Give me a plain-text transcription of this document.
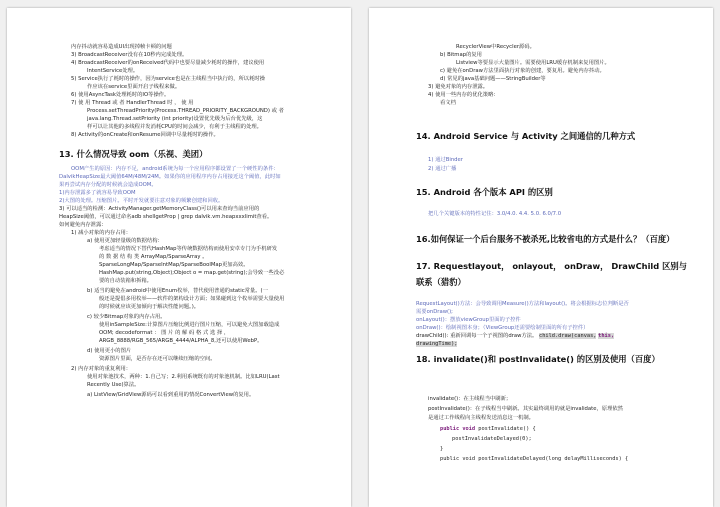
内存抖动就容易造成UI出现掉帧卡顿的问题
3) BroadcastReceiver没有在10秒内完成处理。
4) BroadcastReceiver的onReceived代码中也要尽量减少耗时的操作，建议使用
IntentService处理。
5) Service执行了耗时的操作，因为service也是在主线程当中执行的，所以耗时操
作应该在service里面开启子线程来做。
6) 使用AsyncTask处理耗时的IO等操作。
7) 使 用 Thread 或 者 HandlerThread 时 ， 使 用
Process.setThreadPriority(Process.THREAD_PRIORITY_BACKGROUND) 或 者
java.lang.Thread.setPriority (int priority)设置优先级为后台优先级，这
样可以让其他的多线程并发消耗CPU的时间会减少，有利于主线程的处理。
8) Activity的onCreate和onResume回调中尽量耗时的操作。
13. 什么情况导致 oom（乐视、美团）
OOM产生的原因：内存不足，android系统为每一个应用程序都设置了一个硬性的条件：
DalvikHeapSize最大阈值64M/48M/24M。如果你的应用程序内存占用接近这个阈值，此时如
果再尝试内存分配的时候就会造成OOM。
1)内存泄露多了就容易导致OOM
2)大图的处理。压缩图片。平时开发就要注意对象的频繁创建和回收。
3) 可以适当的检测：ActivityManager.getMemoryClass()可以用来查询当前应用的
HeapSize阈值，可以通过命名adb shellgetProp | grep dalvik.vm.heapxxxlimit查看。
如何避免内存泄露：
1) 减小对象的内存占用：
a) 使用更加轻量级的数据结构：
考虑适当的情况下替代HashMap等传统数据结构而使用安卓专门为手机研发
的 数 据 结 构 类 ArrayMap/SparseArray 。
SparseLongMap/SparseIntMap/SparseBoolMap更加高效。
HashMap.put(string,Object);Object o = map.get(string);会导致一些没必
要的自动装箱和拆箱。
b) 适当的避免在android中使用Enum枚举，替代使用普通的static常量。(一
般还是提倡多用枚举——软件的架构设计方面；如果碰到这个枚举需要大量使用
的时候就应该更加倾向于解决性能问题。)。
c) 较少Bitmap对象的内存占用。
使用inSampleSize:计算图片压缩比例进行图片压缩，可以避免大图加载造成
OOM; decodeformat ： 图 片 的 解 码 格 式 选 择 ，
ARGB_8888/RGB_565/ARGB_4444/ALPHA_8,还可以使用WebP。
d) 使用更小的图片
资源图片里面，是否存在还可以继续压缩的空间。
2) 内存对象的重复利用：
使用对象池技术，两种：1.自己写；2.利用系统既有的对象池机制。比如LRU(Last
Recently Use)算法。
a) ListView/GridView源码可以看到重用的情况ConvertView的复用。
RecyclerView中Recycler源码。
b) Bitmap的复用
Listview等要显示大量图片。需要使用LRU缓存机制来复用图片。
c) 避免在onDraw方法里面执行对象的创建，要复用。避免内存抖动。
d) 常见的java基础问题——StringBuilder等
3) 避免对象的内存泄露。
4) 使用一些内存的优化策略：
看文档
14. Android Service 与 Activity 之间通信的几种方式
1) 通过Binder
2) 通过广播
15. Android 各个版本 API 的区别
把几个关键版本的特性记住：3.0/4.0. 4.4. 5.0. 6.0/7.0
16.如何保证一个后台服务不被杀死,比较省电的方式是什么？（百度）
17. Requestlayout， onlayout， onDraw， DrawChild 区别与
联系（猎豹）
RequestLayout()方法：会导致调用Measure()方法和layout()。将会根据标志位判断是否
需要onDraw();
onLayout()：摆放viewGroup里面的子控件
onDraw()：绘制视图本身；（ViewGroup还需要绘制里面的所有子控件）
drawChild(): 重新回调每一个子视图的draw方法。 child.draw(canvas, this,
drawingTime);
18. invalidate()和 postInvalidate() 的区别及使用（百度）
invalidate()：在主线程当中刷新；
postInvalidate()：在子线程当中刷新。其实最终调用的就是invalidate，原理依然
是通过工作线程向主线程发送消息这一机制。
public void postInvalidate() {
postInvalidateDelayed(0);
}
public void postInvalidateDelayed(long delayMilliseconds) {
